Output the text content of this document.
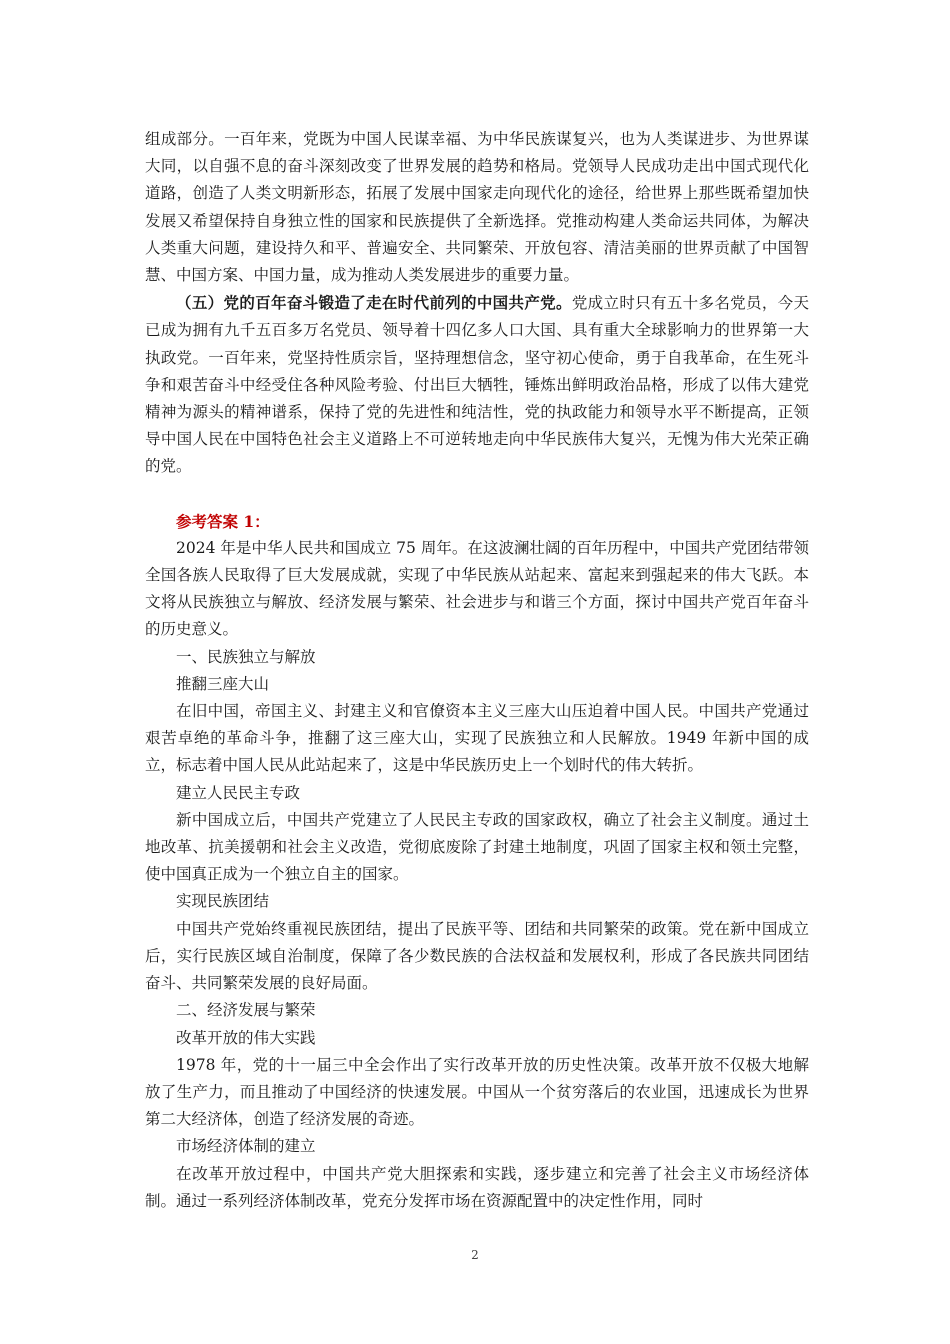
组成部分。一百年来，党既为中国人民谋幸福、为中华民族谋复兴，也为人类谋进步、为世界谋大同，以自强不息的奋斗深刻改变了世界发展的趋势和格局。党领导人民成功走出中国式现代化道路，创造了人类文明新形态，拓展了发展中国家走向现代化的途径，给世界上那些既希望加快发展又希望保持自身独立性的国家和民族提供了全新选择。党推动构建人类命运共同体，为解决人类重大问题，建设持久和平、普遍安全、共同繁荣、开放包容、清洁美丽的世界贡献了中国智慧、中国方案、中国力量，成为推动人类发展进步的重要力量。

（五）党的百年奋斗锻造了走在时代前列的中国共产党。党成立时只有五十多名党员，今天已成为拥有九千五百多万名党员、领导着十四亿多人口大国、具有重大全球影响力的世界第一大执政党。一百年来，党坚持性质宗旨，坚持理想信念，坚守初心使命，勇于自我革命，在生死斗争和艰苦奋斗中经受住各种风险考验、付出巨大牺牲，锤炼出鲜明政治品格，形成了以伟大建党精神为源头的精神谱系，保持了党的先进性和纯洁性，党的执政能力和领导水平不断提高，正领导中国人民在中国特色社会主义道路上不可逆转地走向中华民族伟大复兴，无愧为伟大光荣正确的党。

参考答案 1：

2024 年是中华人民共和国成立 75 周年。在这波澜壮阔的百年历程中，中国共产党团结带领全国各族人民取得了巨大发展成就，实现了中华民族从站起来、富起来到强起来的伟大飞跃。本文将从民族独立与解放、经济发展与繁荣、社会进步与和谐三个方面，探讨中国共产党百年奋斗的历史意义。

一、民族独立与解放

推翻三座大山

在旧中国，帝国主义、封建主义和官僚资本主义三座大山压迫着中国人民。中国共产党通过艰苦卓绝的革命斗争，推翻了这三座大山，实现了民族独立和人民解放。1949 年新中国的成立，标志着中国人民从此站起来了，这是中华民族历史上一个划时代的伟大转折。

建立人民民主专政

新中国成立后，中国共产党建立了人民民主专政的国家政权，确立了社会主义制度。通过土地改革、抗美援朝和社会主义改造，党彻底废除了封建土地制度，巩固了国家主权和领土完整，使中国真正成为一个独立自主的国家。

实现民族团结

中国共产党始终重视民族团结，提出了民族平等、团结和共同繁荣的政策。党在新中国成立后，实行民族区域自治制度，保障了各少数民族的合法权益和发展权利，形成了各民族共同团结奋斗、共同繁荣发展的良好局面。

二、经济发展与繁荣

改革开放的伟大实践

1978 年，党的十一届三中全会作出了实行改革开放的历史性决策。改革开放不仅极大地解放了生产力，而且推动了中国经济的快速发展。中国从一个贫穷落后的农业国，迅速成长为世界第二大经济体，创造了经济发展的奇迹。

市场经济体制的建立

在改革开放过程中，中国共产党大胆探索和实践，逐步建立和完善了社会主义市场经济体制。通过一系列经济体制改革，党充分发挥市场在资源配置中的决定性作用，同时

2
